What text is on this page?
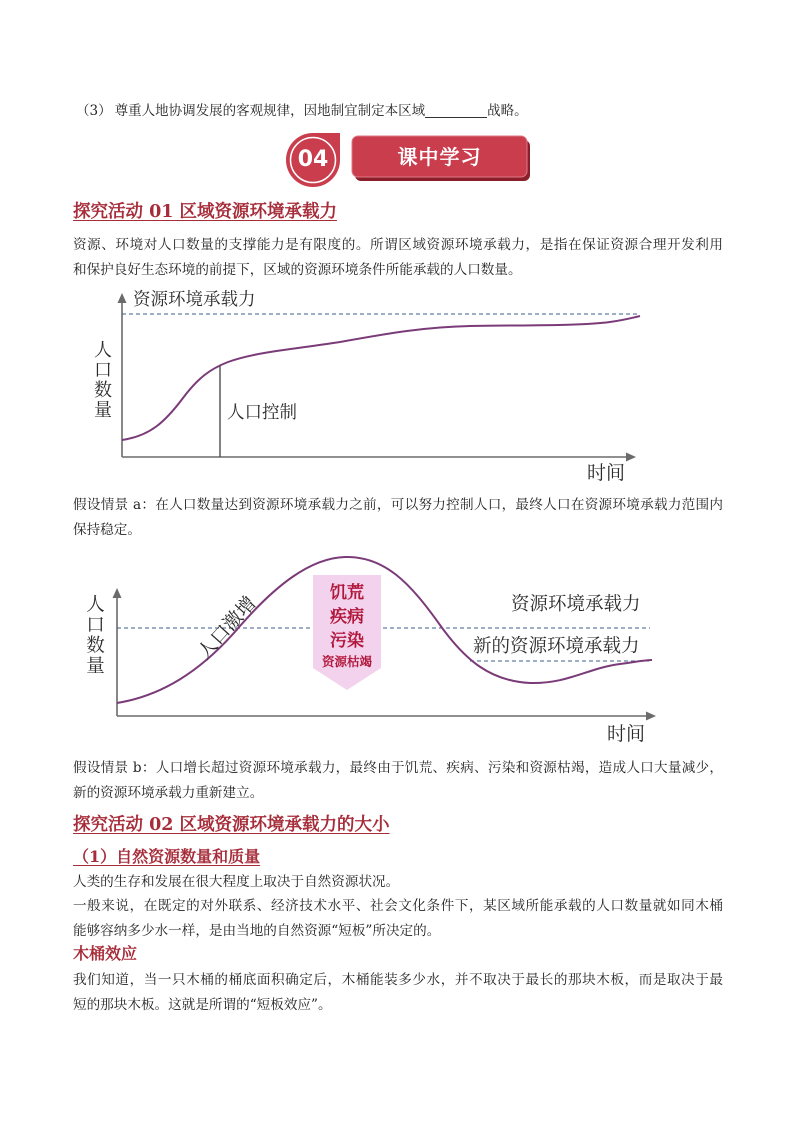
（3） 尊重人地协调发展的客观规律，因地制宜制定本区域	战略。
04	课中学习
探究活动 01 区域资源环境承载力
资源、环境对人口数量的支撑能力是有限度的。所谓区域资源环境承载力，是指在保证资源合理开发利用
和保护良好生态环境的前提下，区域的资源环境条件所能承载的人口数量。
人口数量
资源环境承载力
人口控制
时间
假设情景 a：在人口数量达到资源环境承载力之前，可以努力控制人口，最终人口在资源环境承载力范围内
保持稳定。
人口数量	人口激增	饥荒
疾病
污染
资源枯竭
资源环境承载力
新的资源环境承载力
时间
假设情景 b：人口增长超过资源环境承载力，最终由于饥荒、疾病、污染和资源枯竭，造成人口大量减少，
新的资源环境承载力重新建立。
探究活动 02 区域资源环境承载力的大小
（1）自然资源数量和质量
人类的生存和发展在很大程度上取决于自然资源状况。
一般来说，在既定的对外联系、经济技术水平、社会文化条件下，某区域所能承载的人口数量就如同木桶
能够容纳多少水一样，是由当地的自然资源“短板”所决定的。
木桶效应
我们知道，当一只木桶的桶底面积确定后，木桶能装多少水，并不取决于最长的那块木板，而是取决于最
短的那块木板。这就是所谓的“短板效应”。
